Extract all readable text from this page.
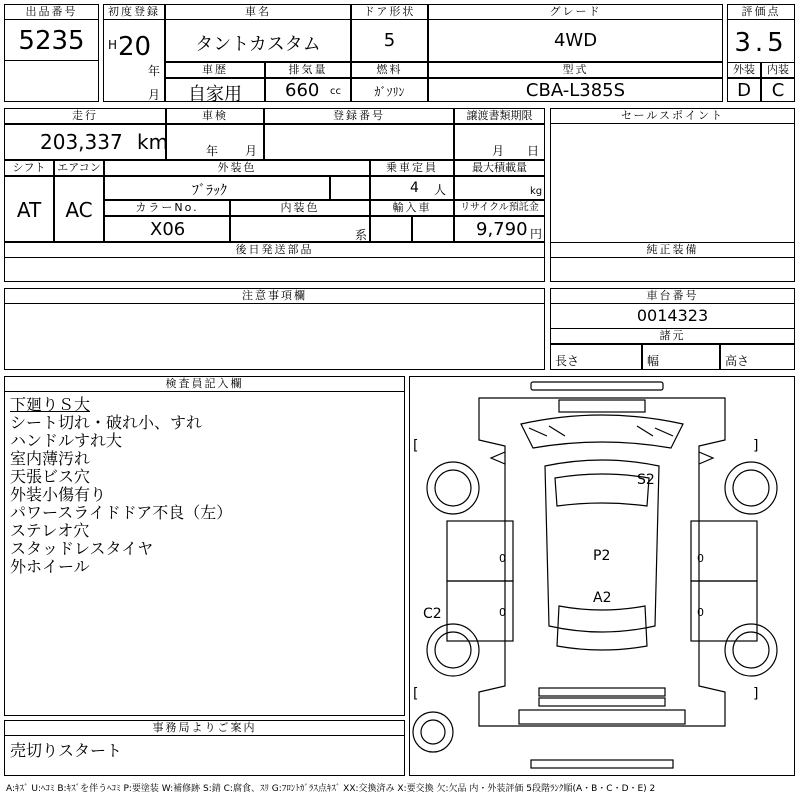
出品番号
5235
初度登録
H 20
年
月
車名
タントカスタム
ドア形状
5
グレード
4WD
車歴
自家用
排気量
660 cc
燃料
ｶﾞｿﾘﾝ
型式
CBA-L385S
評価点
3.5
外装	内装
D	C
走行
203,337 km
車検
年 月
登録番号	譲渡書類期限
月 日
シフト
AT
エアコン
AC
外装色
ﾌﾞﾗｯｸ
乗車定員
4 人
最大積載量
kg
カラーNo.
X06
内装色
系
輸入車	リサイクル預託金
9,790 円
後日発送部品
セールスポイント
純正装備
注意事項欄	車台番号
0014323
諸元
長さ	幅	高さ
検査員記入欄
下廻りＳ大
シート切れ・破れ小、すれ
ハンドルすれ大
室内薄汚れ
天張ビス穴
外装小傷有り
パワースライドドア不良（左）
ステレオ穴
スタッドレスタイヤ
外ホイール
事務局よりご案内
売切りスタート
S2
P2
A2
C2
[	]
[	]
0
0
0
0
A:ｷｽﾞ U:ﾍｺﾐ B:ｷｽﾞを伴うﾍｺﾐ P:要塗装 W:補修跡 S:錆 C:腐食、ｽﾘ G:ﾌﾛﾝﾄｶﾞﾗｽ点ｷｽﾞ XX:交換済み X:要交換 欠:欠品 内・外装評価 5段階ﾗﾝｸ順(A・B・C・D・E) 2
